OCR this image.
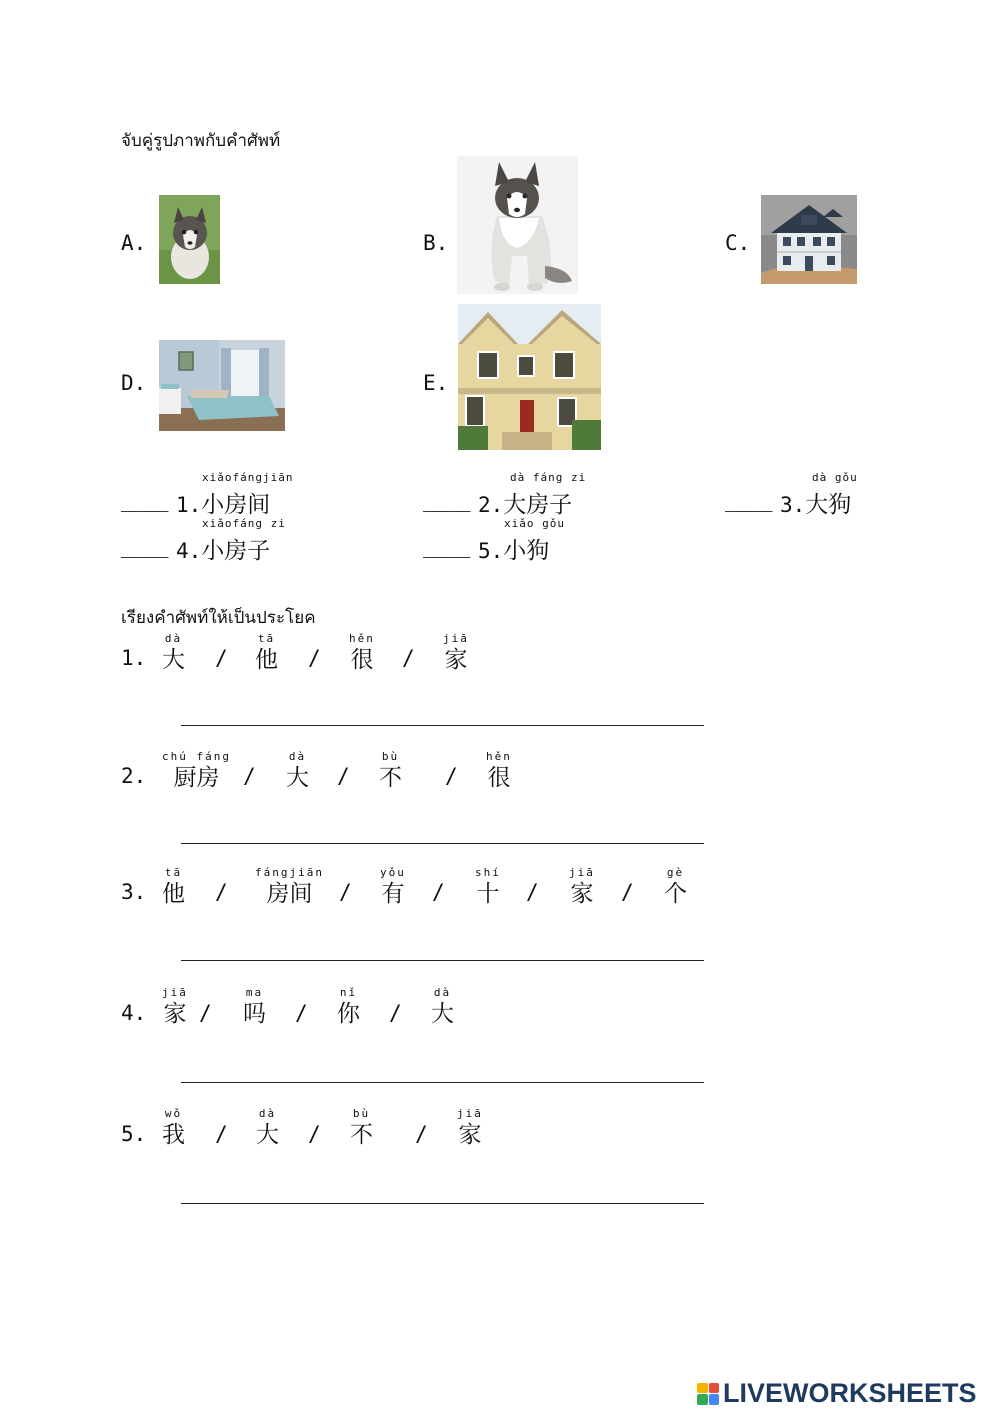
จับคู่รูปภาพกับคำศัพท์
A.	B.	C.
D.	E.
____
xiǎofángjiān
1.小房间	____
dà fáng zi
2.大房子	____
dà gǒu
3.大狗
____
xiǎofáng zi
4.小房子	____
xiǎo gǒu
5.小狗
เรียงคำศัพท์ให้เป็นประโยค
1.
dà
大 /
tā
他 /
hěn
很 /
jiā
家
2.
chú fáng
厨房	/
dà
大 /
bù
不 /
hěn
很
3.
tā
他 /
fángjiān
房间	/
yǒu
有 /
shí
十 /
jiā
家 /
gè
个
4.
jiā
家 /
ma
吗 /
nǐ
你 /
dà
大
5.
wǒ
我 /
dà
大 /
bù
不 /
jiā
家
LIVEWORKSHEETS
